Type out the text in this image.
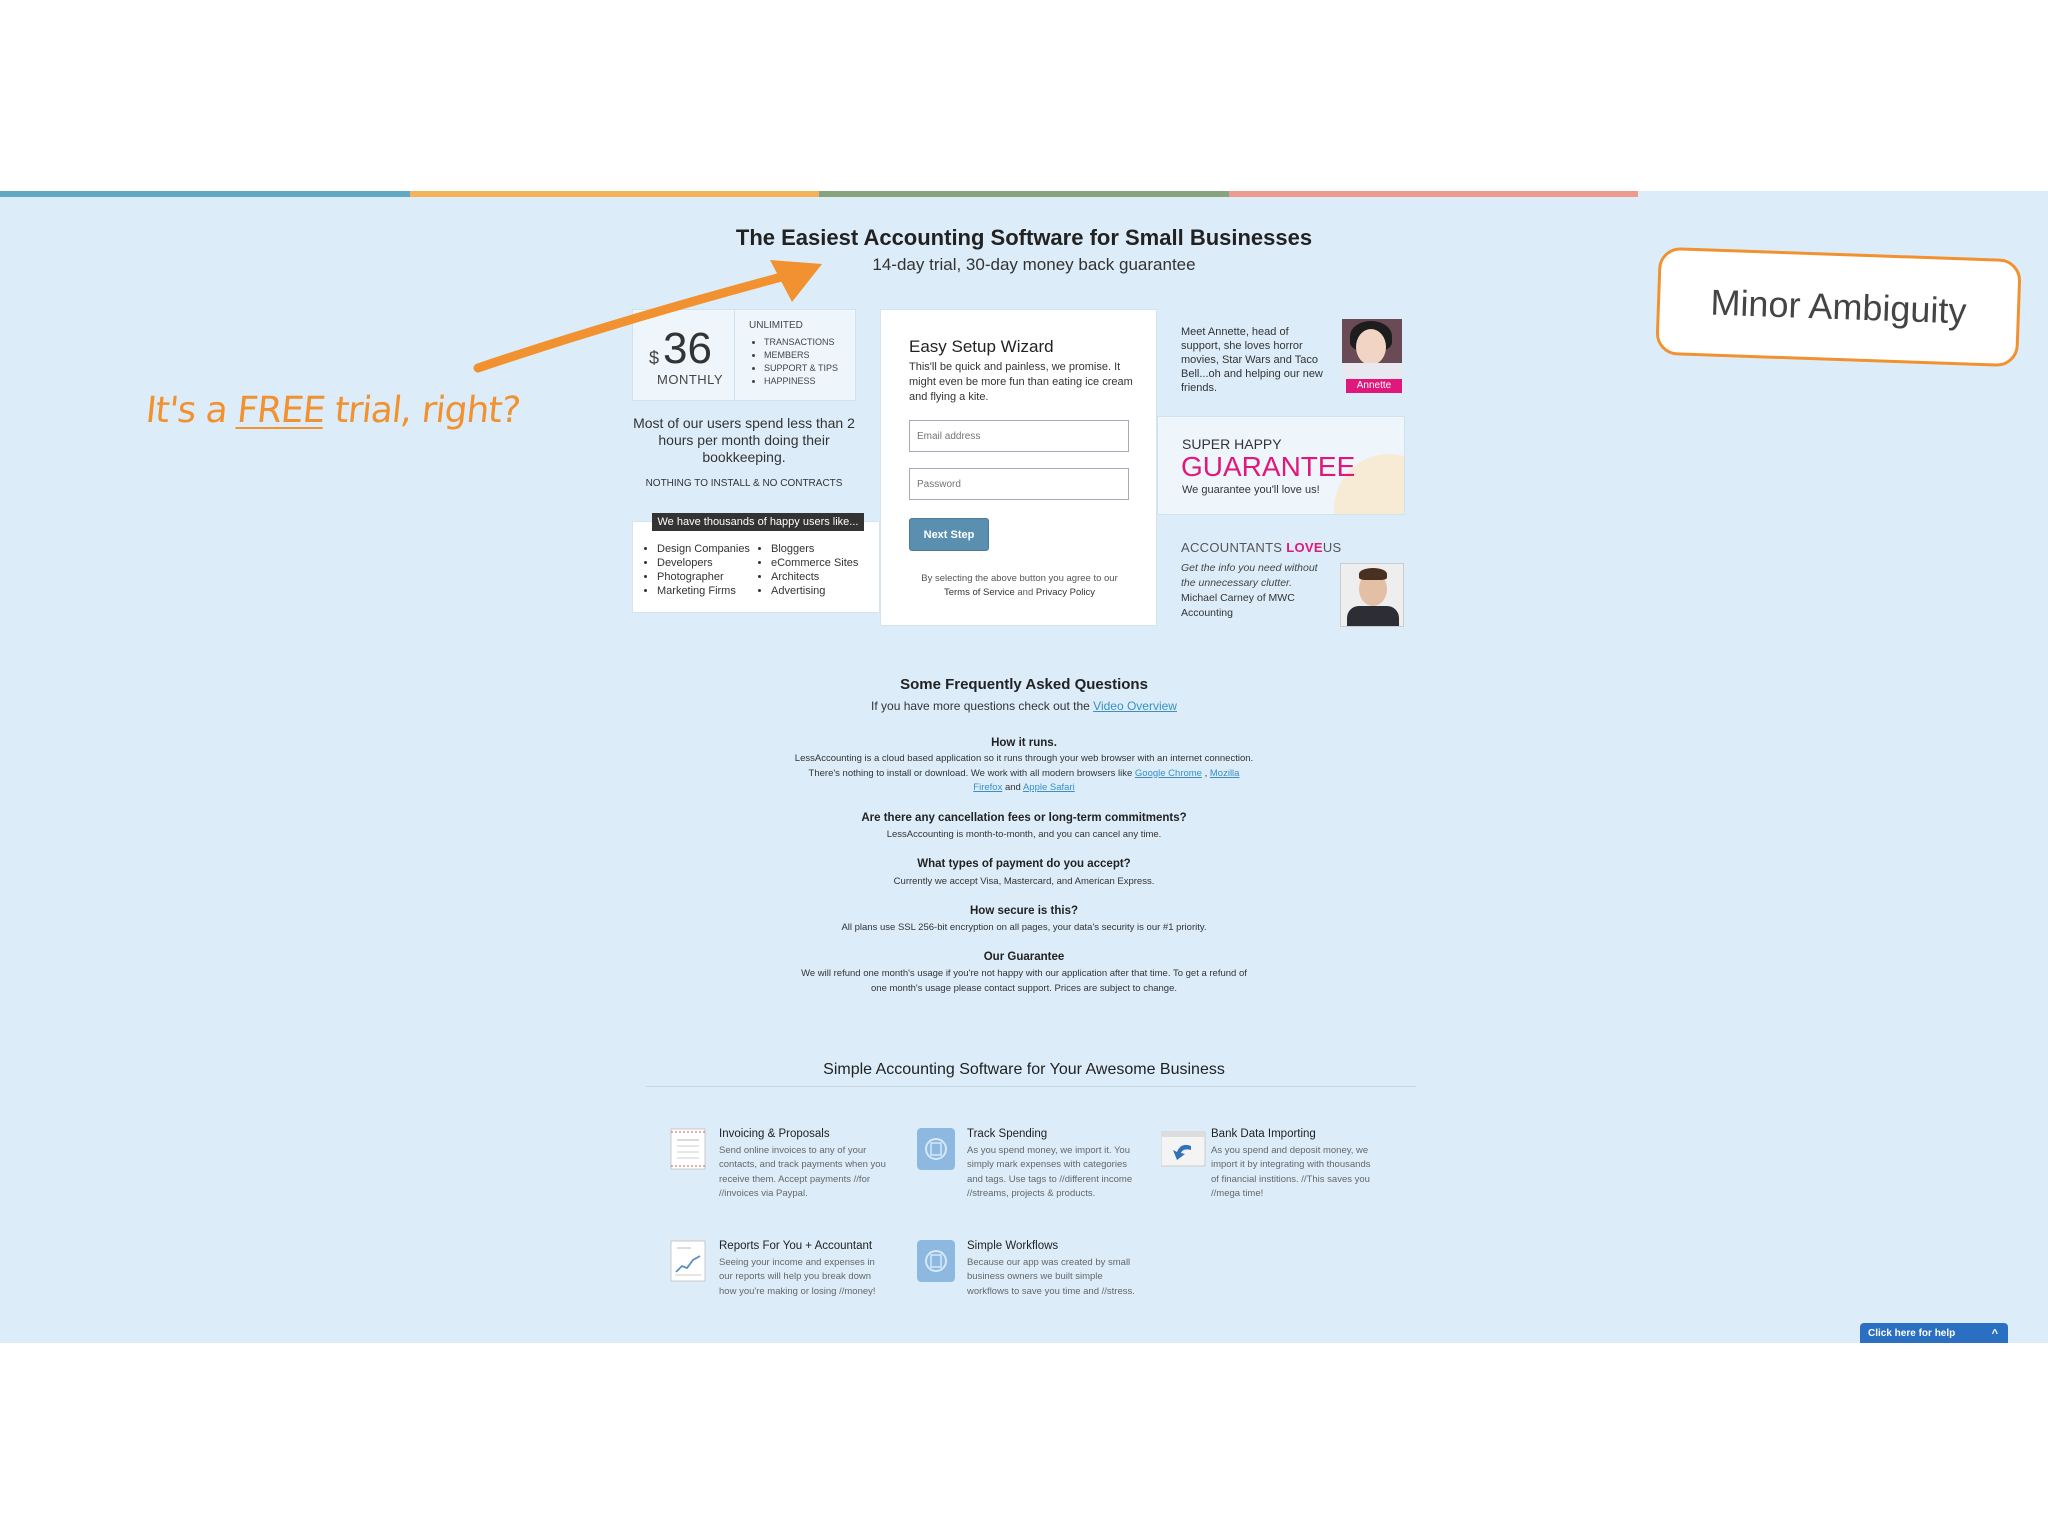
The Easiest Accounting Software for Small Businesses
14-day trial, 30-day money back guarantee
$ 36
MONTHLY
UNLIMITED
• TRANSACTIONS
• MEMBERS
• SUPPORT & TIPS
• HAPPINESS
Most of our users spend less than 2 hours per month doing their bookkeeping.
NOTHING TO INSTALL & NO CONTRACTS
• Design Companies
• Developers
• Photographer
• Marketing Firms
• Bloggers
• eCommerce Sites
• Architects
• Advertising
We have thousands of happy users like...
Easy Setup Wizard
This'll be quick and painless, we promise. It might even be more fun than eating ice cream and flying a kite.
Email address
Next Step
By selecting the above button you agree to our
Terms of Service and Privacy Policy
Meet Annette, head of support, she loves horror movies, Star Wars and Taco Bell...oh and helping our new friends.	Annette
SUPER HAPPY
GUARANTEE
We guarantee you'll love us!
ACCOUNTANTS LOVEUS
Get the info you need without the unnecessary clutter.
Michael Carney of MWC Accounting
Some Frequently Asked Questions
If you have more questions check out the Video Overview
How it runs.
LessAccounting is a cloud based application so it runs through your web browser with an internet connection. There's nothing to install or download. We work with all modern browsers like Google Chrome , Mozilla Firefox and Apple Safari
Are there any cancellation fees or long-term commitments?
LessAccounting is month-to-month, and you can cancel any time.
What types of payment do you accept?
Currently we accept Visa, Mastercard, and American Express.
How secure is this?
All plans use SSL 256-bit encryption on all pages, your data's security is our #1 priority.
Our Guarantee
We will refund one month's usage if you're not happy with our application after that time. To get a refund of one month's usage please contact support. Prices are subject to change.
Simple Accounting Software for Your Awesome Business
Invoicing & Proposals
Send online invoices to any of your contacts, and track payments when you receive them. Accept payments //for //invoices via Paypal.
Track Spending
As you spend money, we import it. You simply mark expenses with categories and tags. Use tags to //different income //streams, projects & products.
Bank Data Importing
As you spend and deposit money, we import it by integrating with thousands of financial institions. //This saves you //mega time!
Reports For You + Accountant
Seeing your income and expenses in our reports will help you break down how you're making or losing //money!
Simple Workflows
Because our app was created by small business owners we built simple workflows to save you time and //stress.
Click here for help	^
It's a FREE trial, right?
Minor Ambiguity
